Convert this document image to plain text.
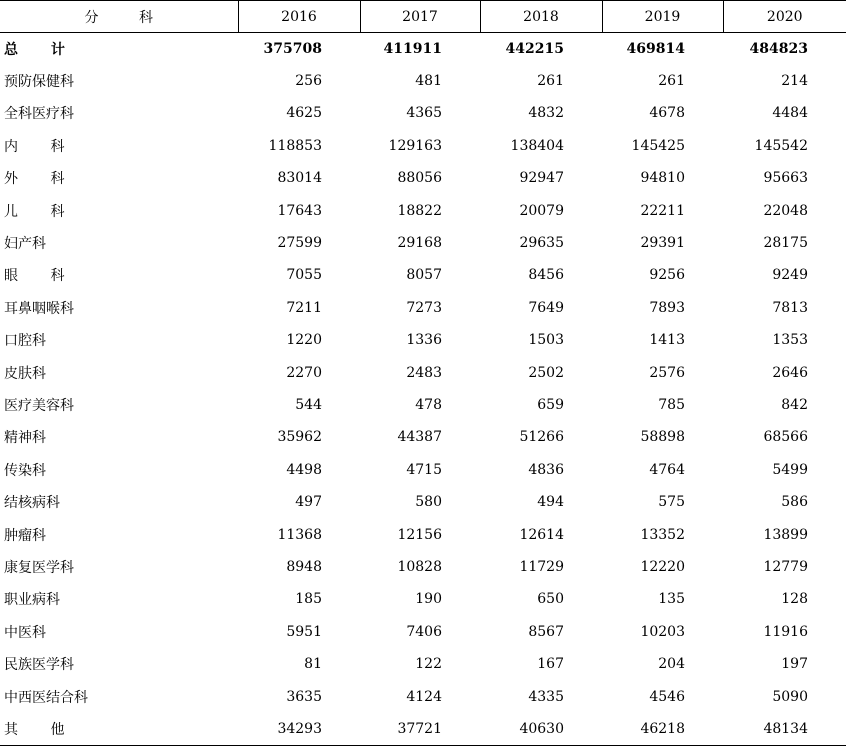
分 科	2016	2017	2018	2019	2020
总 计	375708	411911	442215	469814	484823
预防保健科	256	481	261	261	214
全科医疗科	4625	4365	4832	4678	4484
内 科	118853	129163	138404	145425	145542
外 科	83014	88056	92947	94810	95663
儿 科	17643	18822	20079	22211	22048
妇产科	27599	29168	29635	29391	28175
眼 科	7055	8057	8456	9256	9249
耳鼻咽喉科	7211	7273	7649	7893	7813
口腔科	1220	1336	1503	1413	1353
皮肤科	2270	2483	2502	2576	2646
医疗美容科	544	478	659	785	842
精神科	35962	44387	51266	58898	68566
传染科	4498	4715	4836	4764	5499
结核病科	497	580	494	575	586
肿瘤科	11368	12156	12614	13352	13899
康复医学科	8948	10828	11729	12220	12779
职业病科	185	190	650	135	128
中医科	5951	7406	8567	10203	11916
民族医学科	81	122	167	204	197
中西医结合科	3635	4124	4335	4546	5090
其 他	34293	37721	40630	46218	48134
